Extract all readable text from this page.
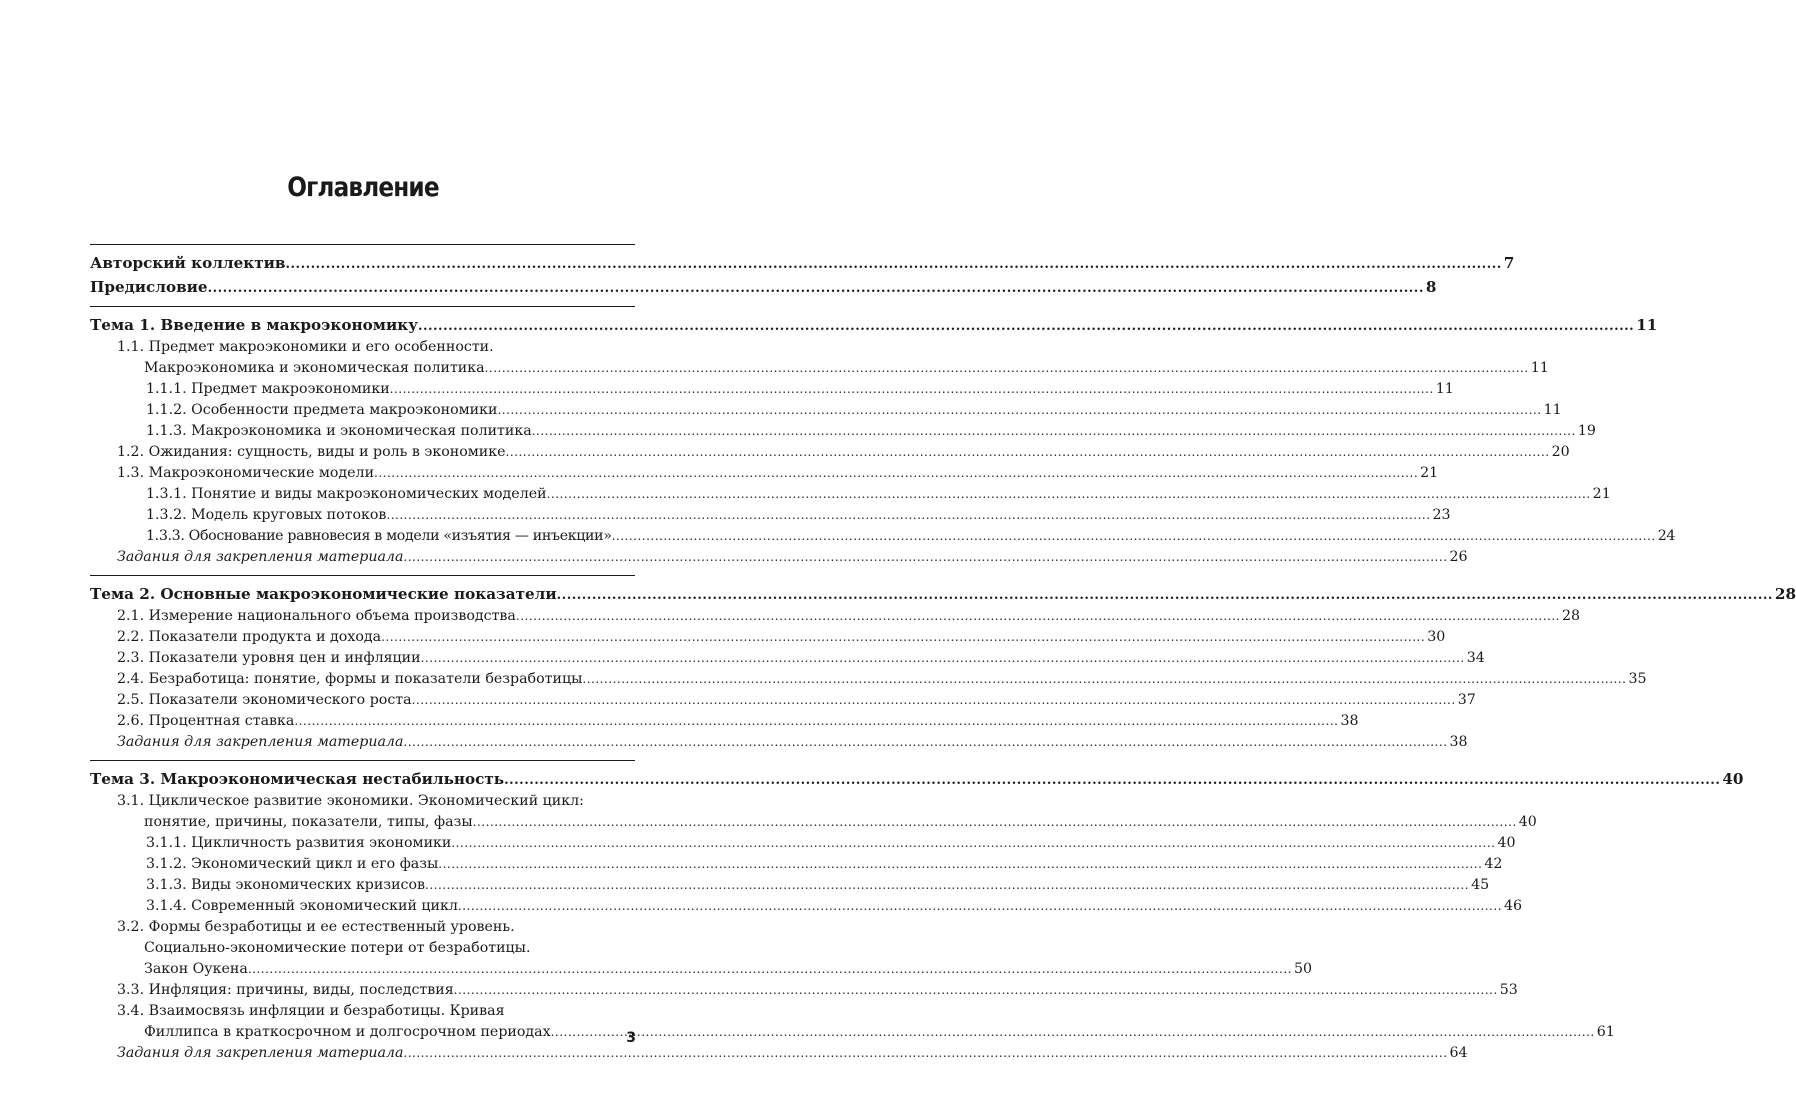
Оглавление
Авторский коллектив .....	7
Предисловие .....	8
Тема 1. Введение в макроэкономику .....	11
1.1. Предмет макроэкономики и его особенности.
Макроэкономика и экономическая политика .....	11
1.1.1. Предмет макроэкономики .....	11
1.1.2. Особенности предмета макроэкономики .....	11
1.1.3. Макроэкономика и экономическая политика .....	19
1.2. Ожидания: сущность, виды и роль в экономике .....	20
1.3. Макроэкономические модели .....	21
1.3.1. Понятие и виды макроэкономических моделей .....	21
1.3.2. Модель круговых потоков .....	23
1.3.3. Обоснование равновесия в модели «изъятия — инъекции» .....	24
Задания для закрепления материала .....	26
Тема 2. Основные макроэкономические показатели .....	28
2.1. Измерение национального объема производства .....	28
2.2. Показатели продукта и дохода .....	30
2.3. Показатели уровня цен и инфляции .....	34
2.4. Безработица: понятие, формы и показатели безработицы .....	35
2.5. Показатели экономического роста .....	37
2.6. Процентная ставка .....	38
Задания для закрепления материала .....	38
Тема 3. Макроэкономическая нестабильность .....	40
3.1. Циклическое развитие экономики. Экономический цикл:
понятие, причины, показатели, типы, фазы .....	40
3.1.1. Цикличность развития экономики .....	40
3.1.2. Экономический цикл и его фазы .....	42
3.1.3. Виды экономических кризисов .....	45
3.1.4. Современный экономический цикл .....	46
3.2. Формы безработицы и ее естественный уровень.
Социально-экономические потери от безработицы.
Закон Оукена .....	50
3.3. Инфляция: причины, виды, последствия .....	53
3.4. Взаимосвязь инфляции и безработицы. Кривая
Филлипса в краткосрочном и долгосрочном периодах .....	61
Задания для закрепления материала .....	64
3
